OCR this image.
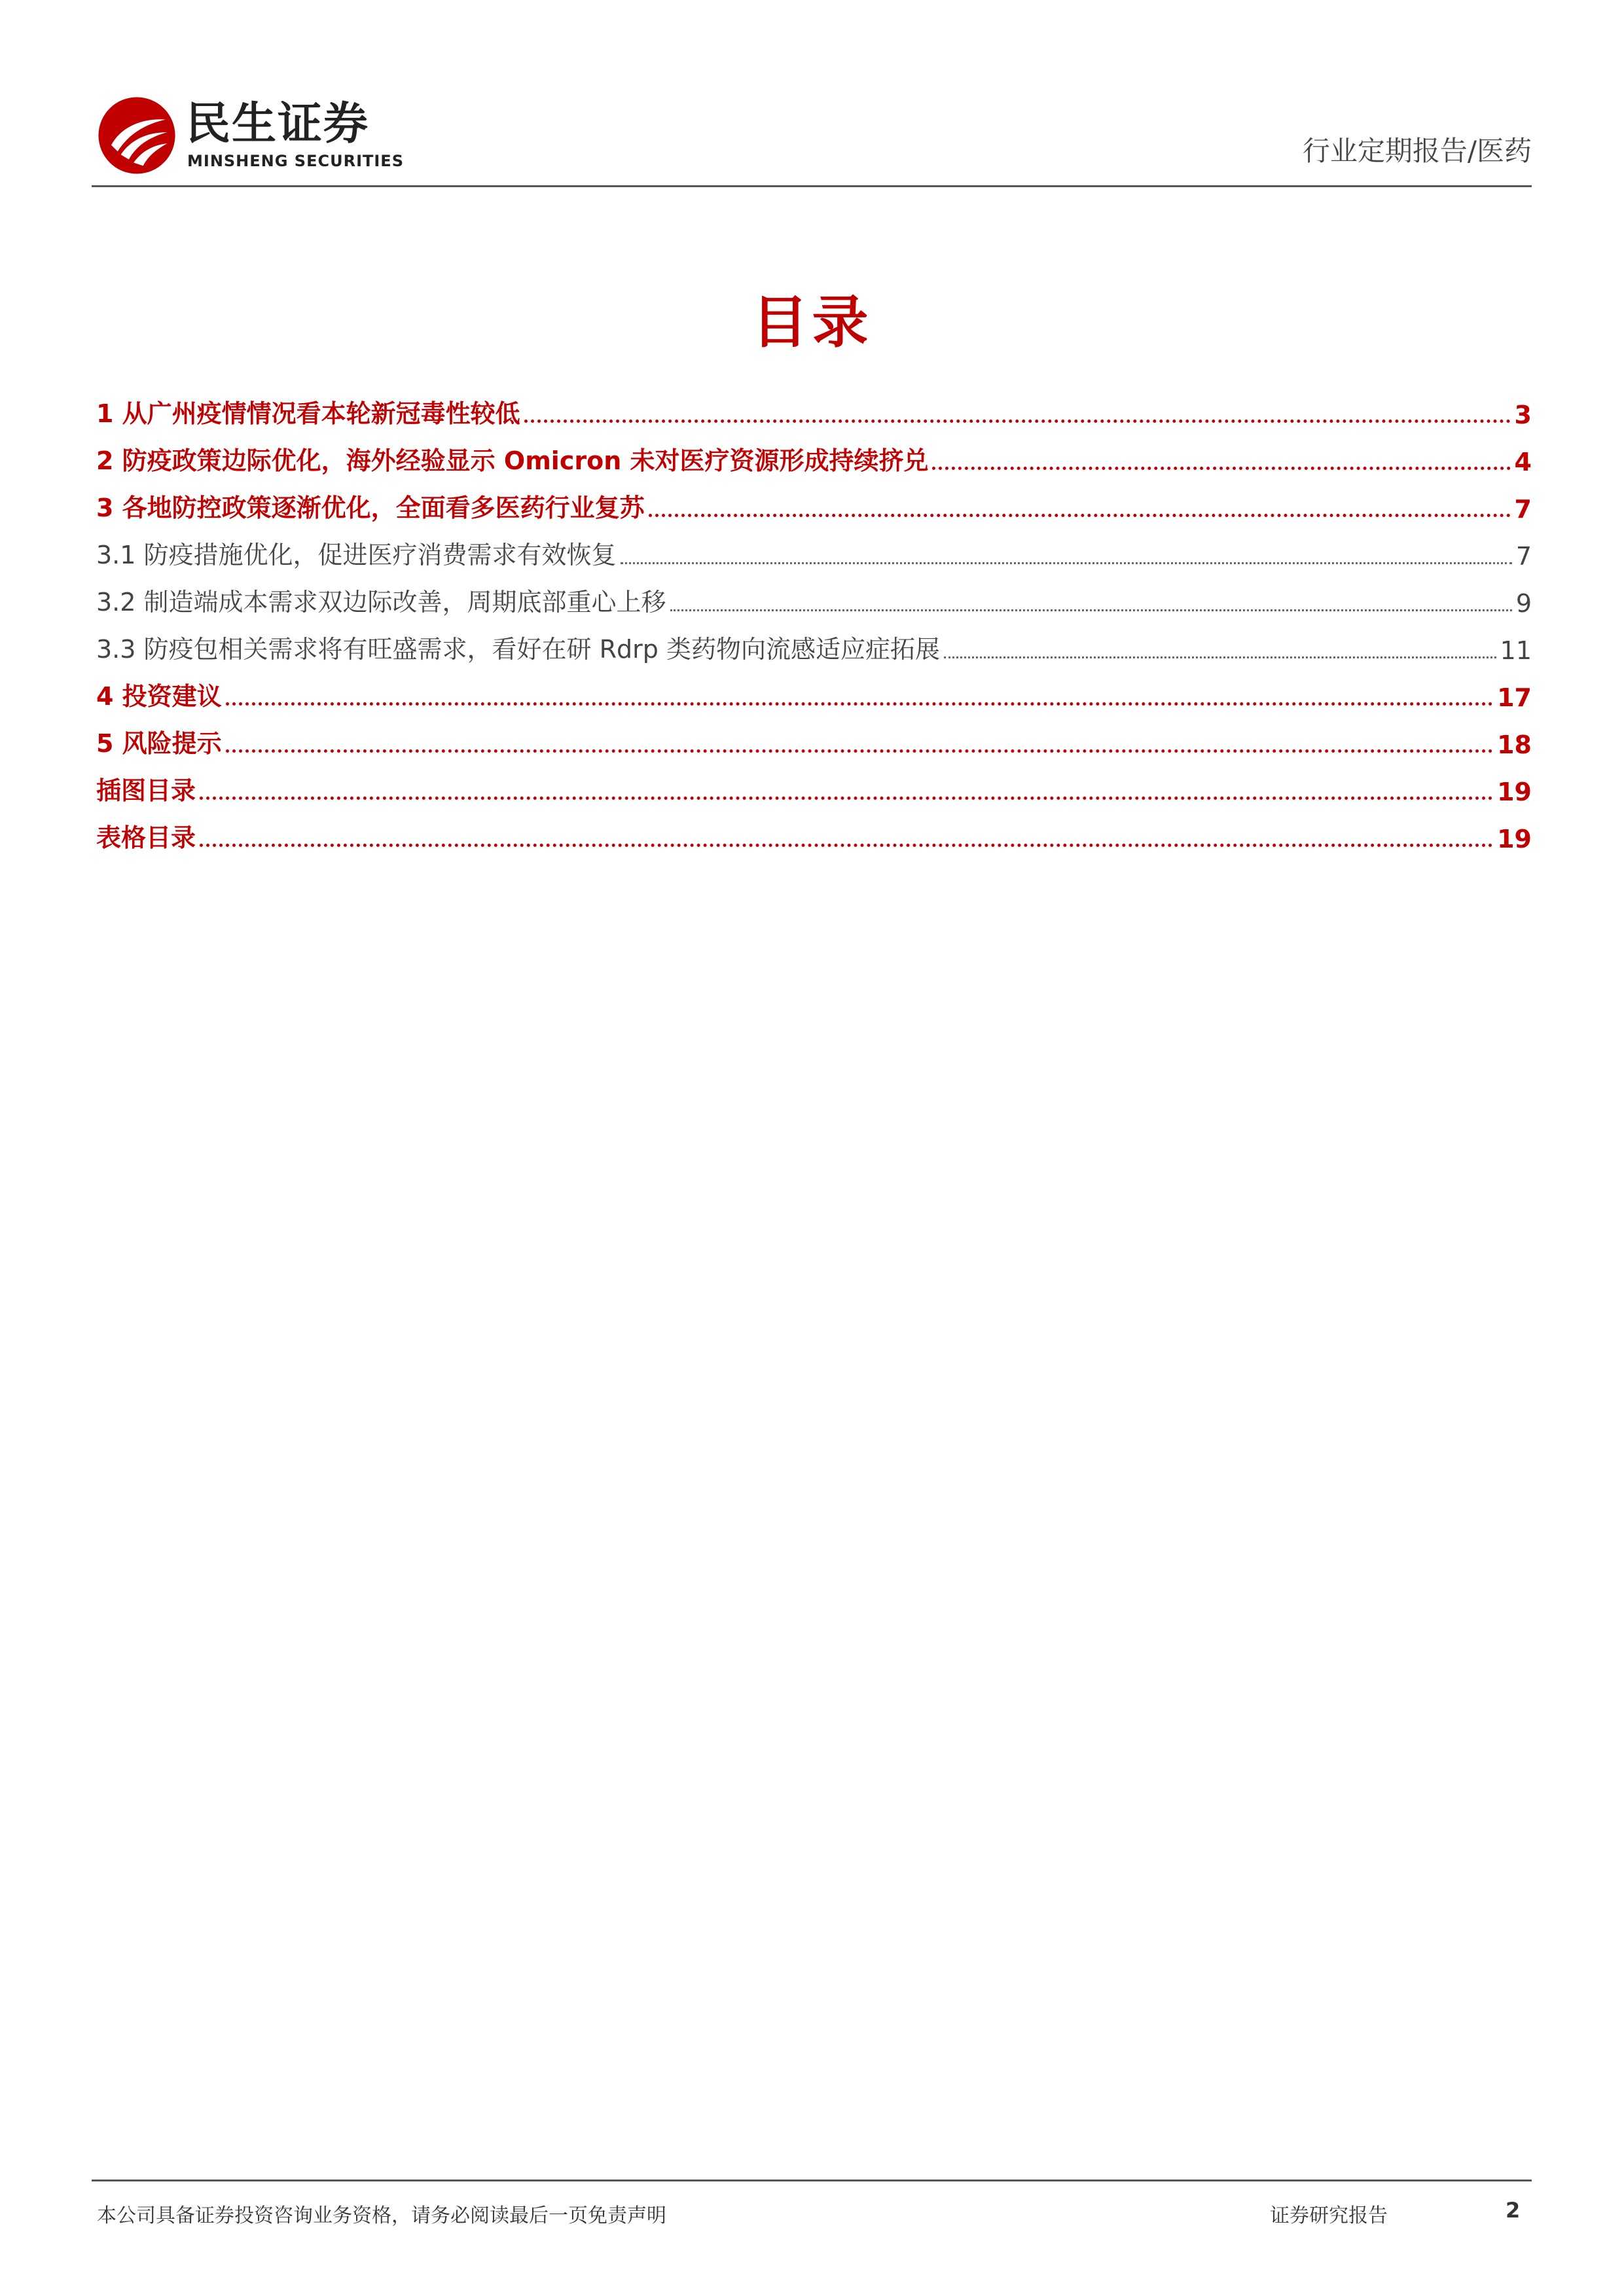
民生证券
MINSHENG SECURITIES	行业定期报告/医药
目录
1 从广州疫情情况看本轮新冠毒性较低	3
2 防疫政策边际优化，海外经验显示 Omicron 未对医疗资源形成持续挤兑	4
3 各地防控政策逐渐优化，全面看多医药行业复苏	7
3.1 防疫措施优化，促进医疗消费需求有效恢复	7
3.2 制造端成本需求双边际改善，周期底部重心上移	9
3.3 防疫包相关需求将有旺盛需求，看好在研 Rdrp 类药物向流感适应症拓展	11
4 投资建议	17
5 风险提示	18
插图目录	19
表格目录	19
本公司具备证券投资咨询业务资格，请务必阅读最后一页免责声明	证券研究报告	2
